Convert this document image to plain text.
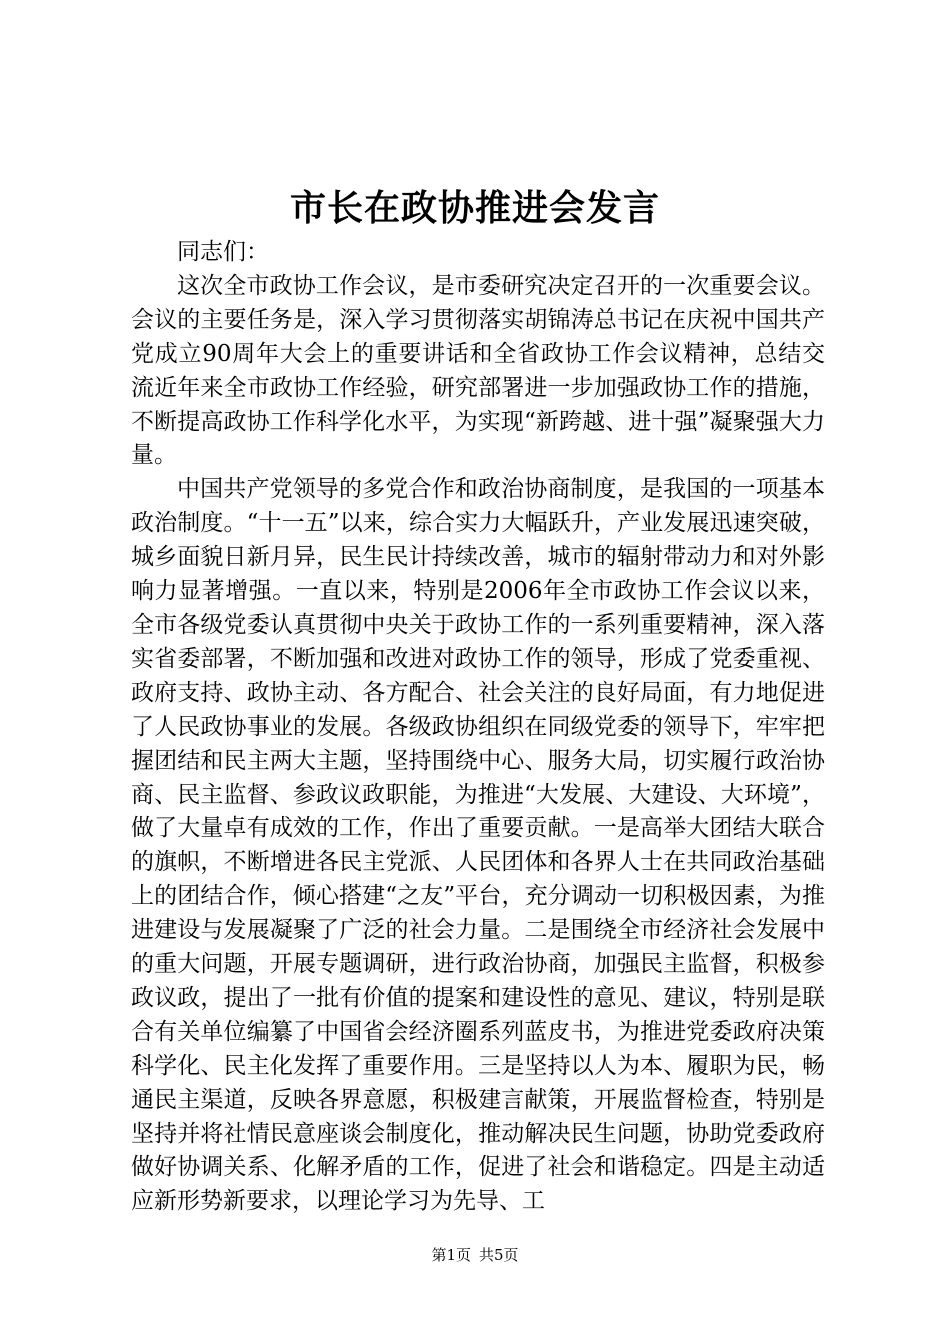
市长在政协推进会发言

同志们：

这次全市政协工作会议，是市委研究决定召开的一次重要会议。会议的主要任务是，深入学习贯彻落实胡锦涛总书记在庆祝中国共产党成立90周年大会上的重要讲话和全省政协工作会议精神，总结交流近年来全市政协工作经验，研究部署进一步加强政协工作的措施，不断提高政协工作科学化水平，为实现“新跨越、进十强”凝聚强大力量。

中国共产党领导的多党合作和政治协商制度，是我国的一项基本政治制度。“十一五”以来，综合实力大幅跃升，产业发展迅速突破，城乡面貌日新月异，民生民计持续改善，城市的辐射带动力和对外影响力显著增强。一直以来，特别是2006年全市政协工作会议以来，全市各级党委认真贯彻中央关于政协工作的一系列重要精神，深入落实省委部署，不断加强和改进对政协工作的领导，形成了党委重视、政府支持、政协主动、各方配合、社会关注的良好局面，有力地促进了人民政协事业的发展。各级政协组织在同级党委的领导下，牢牢把握团结和民主两大主题，坚持围绕中心、服务大局，切实履行政治协商、民主监督、参政议政职能，为推进“大发展、大建设、大环境”，做了大量卓有成效的工作，作出了重要贡献。一是高举大团结大联合的旗帜，不断增进各民主党派、人民团体和各界人士在共同政治基础上的团结合作，倾心搭建“之友”平台，充分调动一切积极因素，为推进建设与发展凝聚了广泛的社会力量。二是围绕全市经济社会发展中的重大问题，开展专题调研，进行政治协商，加强民主监督，积极参政议政，提出了一批有价值的提案和建设性的意见、建议，特别是联合有关单位编纂了中国省会经济圈系列蓝皮书，为推进党委政府决策科学化、民主化发挥了重要作用。三是坚持以人为本、履职为民，畅通民主渠道，反映各界意愿，积极建言献策，开展监督检查，特别是坚持并将社情民意座谈会制度化，推动解决民生问题，协助党委政府做好协调关系、化解矛盾的工作，促进了社会和谐稳定。四是主动适应新形势新要求，以理论学习为先导、工

第1页 共5页
